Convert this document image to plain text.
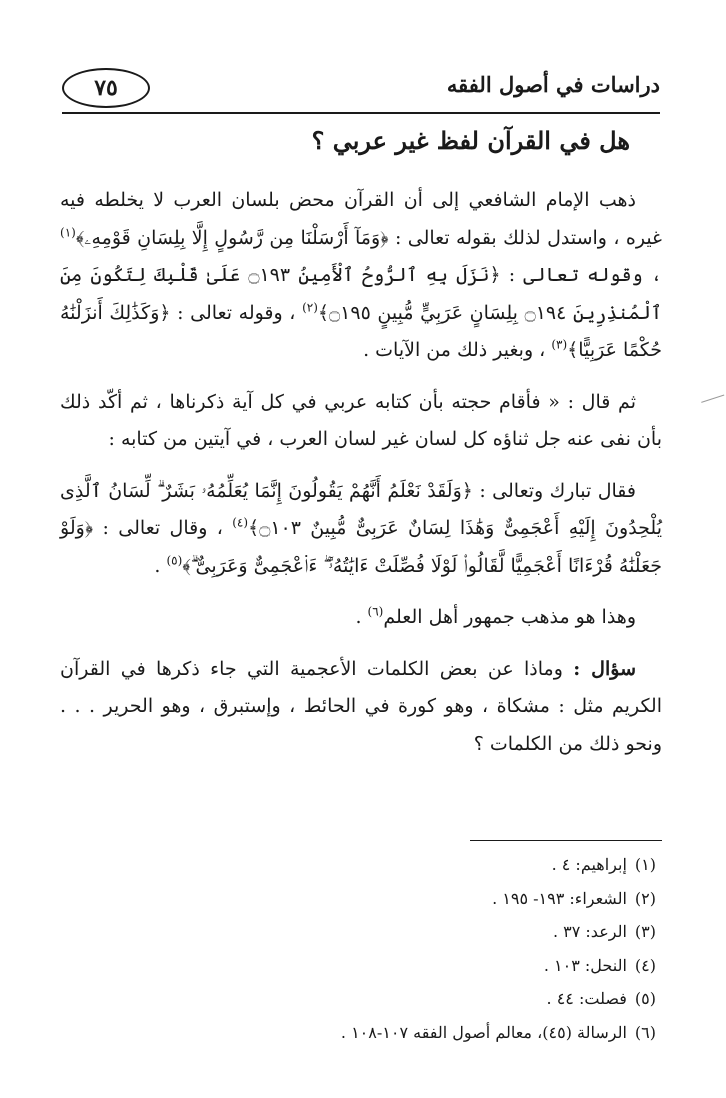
دراسات في أصول الفقه
٧٥
هل في القرآن لفظ غير عربي ؟

ذهب الإمام الشافعي إلى أن القرآن محض بلسان العرب لا يخلطه فيه غيره ، واستدل لذلك بقوله تعالى : ﴿وَمَآ أَرْسَلْنَا مِن رَّسُولٍ إِلَّا بِلِسَانِ قَوْمِهِۦ﴾$^{(١)}$ ، وقوله تعالى : ﴿نَزَلَ بِهِ ٱلرُّوحُ ٱلْأَمِينُ ۝١٩٣ عَلَىٰ قَلْبِكَ لِتَكُونَ مِنَ ٱلْمُنذِرِينَ ۝١٩٤ بِلِسَانٍ عَرَبِيٍّ مُّبِينٍ ۝١٩٥﴾$^{(٢)}$ ، وقوله تعالى : ﴿وَكَذَٰلِكَ أَنزَلْنَٰهُ حُكْمًا عَرَبِيًّا﴾$^{(٣)}$ ، وبغير ذلك من الآيات .

ثم قال : « فأقام حجته بأن كتابه عربي في كل آية ذكرناها ، ثم أكّد ذلك بأن نفى عنه جل ثناؤه كل لسان غير لسان العرب ، في آيتين من كتابه :

فقال تبارك وتعالى : ﴿وَلَقَدْ نَعْلَمُ أَنَّهُمْ يَقُولُونَ إِنَّمَا يُعَلِّمُهُۥ بَشَرٌ ۗ لِّسَانُ ٱلَّذِى يُلْحِدُونَ إِلَيْهِ أَعْجَمِىٌّ وَهَٰذَا لِسَانٌ عَرَبِىٌّ مُّبِينٌ ۝١٠٣﴾$^{(٤)}$ ، وقال تعالى : ﴿وَلَوْ جَعَلْنَٰهُ قُرْءَانًا أَعْجَمِيًّا لَّقَالُوا۟ لَوْلَا فُصِّلَتْ ءَايَٰتُهُۥٓ ۖ ءَا۬عْجَمِىٌّ وَعَرَبِىٌّ ۗ﴾$^{(٥)}$ .

وهذا هو مذهب جمهور أهل العلم$^{(٦)}$ .

سؤال : وماذا عن بعض الكلمات الأعجمية التي جاء ذكرها في القرآن الكريم مثل : مشكاة ، وهو كورة في الحائط ، وإستبرق ، وهو الحرير . . . ونحو ذلك من الكلمات ؟

(١)إبراهيم: ٤ .
(٢)الشعراء: ١٩٣- ١٩٥ .
(٣)الرعد: ٣٧ .
(٤)النحل: ١٠٣ .
(٥)فصلت: ٤٤ .
(٦)الرسالة (٤٥)، معالم أصول الفقه ١٠٧-١٠٨ .
